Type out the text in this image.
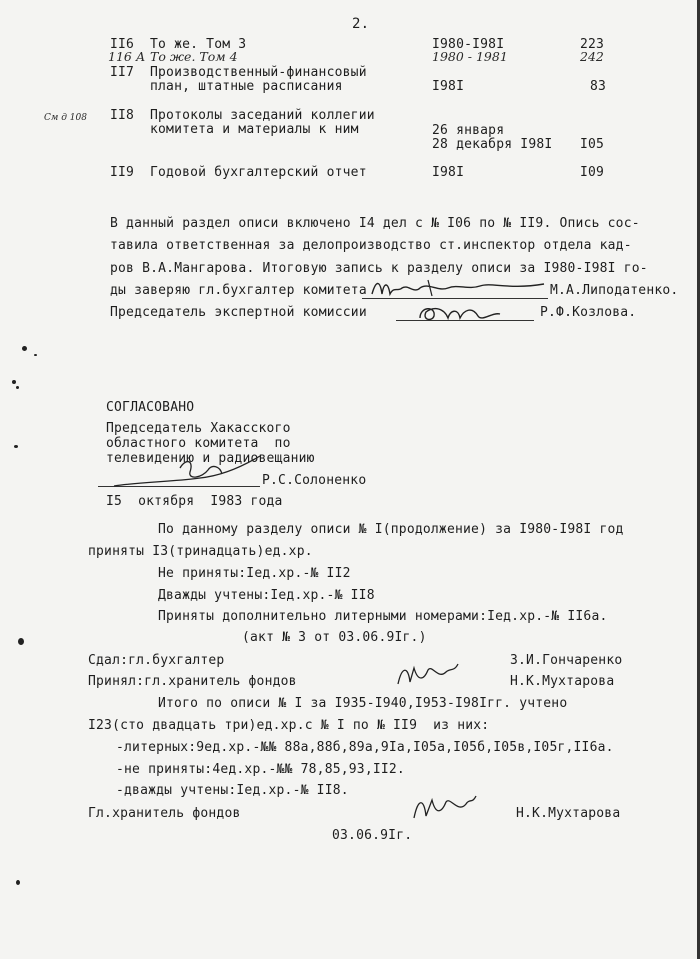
2.
II6 То же. Том 3	I980-I98I	223
116 А То же. Том 4	1980 - 1981	242
II7 Производственный-финансовый
план, штатные расписания	I98I	83
См д 108 II8 Протоколы заседаний коллегии
комитета и материалы к ним	26 января
28 декабря I98I I05
II9 Годовой бухгалтерский отчет	I98I	I09
В данный раздел описи включено I4 дел с № I06 по № II9. Опись сос-
тавила ответственная за делопроизводство ст.инспектор отдела кад-
ров В.А.Мангарова. Итоговую запись к разделу описи за I980-I98I го-
ды заверяю гл.бухгалтер комитета	М.А.Липодатенко.
Председатель экспертной комиссии	Р.Ф.Козлова.
СОГЛАСОВАНО
Председатель Хакасского
областного комитета  по
телевидению и радиовещанию
Р.С.Солоненко
I5  октября  I983 года
По данному разделу описи № I(продолжение) за I980-I98I год
приняты I3(тринадцать)ед.хр.
Не приняты:Iед.хр.-№ II2
Дважды учтены:Iед.хр.-№ II8
Приняты дополнительно литерными номерами:Iед.хр.-№ II6а.
(акт № 3 от 03.06.9Iг.)
Сдал:гл.бухгалтер	З.И.Гончаренко
Принял:гл.хранитель фондов	Н.К.Мухтарова
Итого по описи № I за I935-I940,I953-I98Iгг. учтено
I23(сто двадцать три)ед.хр.с № I по № II9  из них:
-литерных:9ед.хр.-№№ 88а,88б,89а,9Iа,I05а,I05б,I05в,I05г,II6а.
-не приняты:4ед.хр.-№№ 78,85,93,II2.
-дважды учтены:Iед.хр.-№ II8.
Гл.хранитель фондов	Н.К.Мухтарова
03.06.9Iг.
